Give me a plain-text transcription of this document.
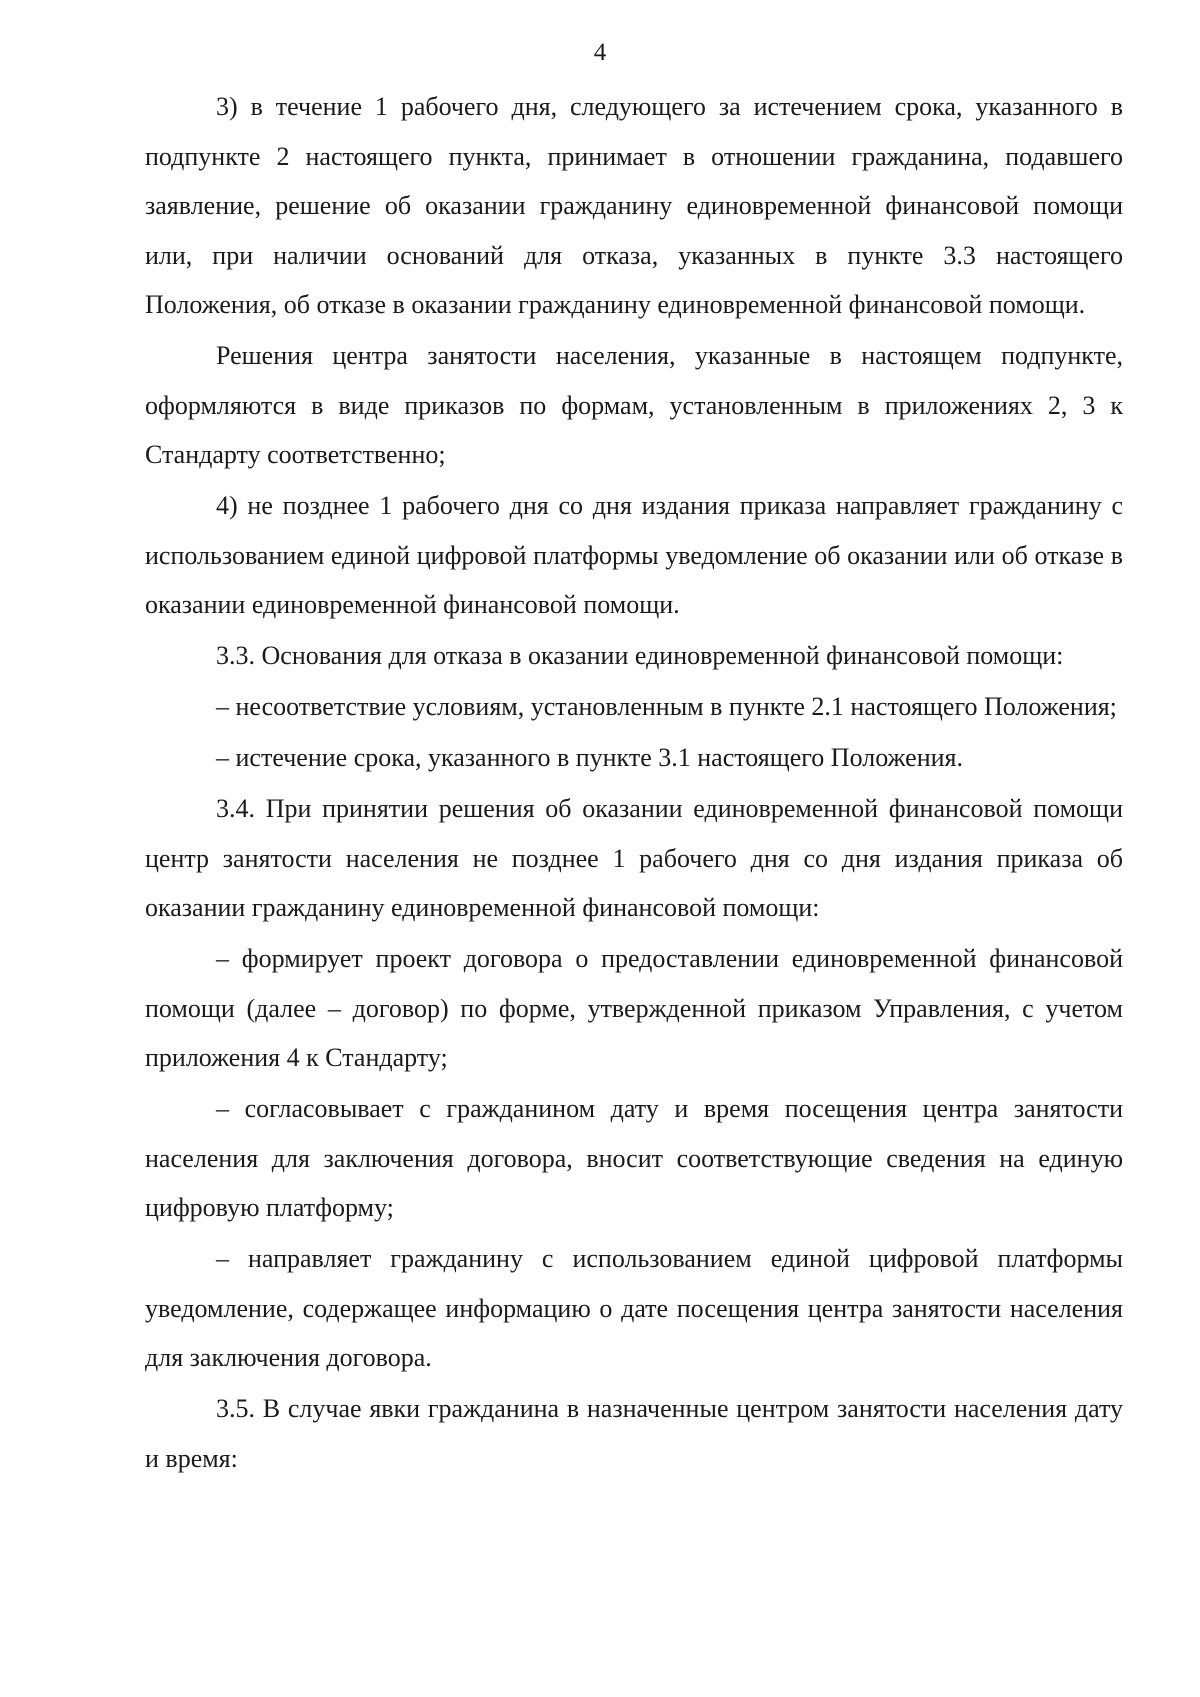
4

3) в течение 1 рабочего дня, следующего за истечением срока, указанного в подпункте 2 настоящего пункта, принимает в отношении гражданина, подавшего заявление, решение об оказании гражданину единовременной финансовой помощи или, при наличии оснований для отказа, указанных в пункте 3.3 настоящего Положения, об отказе в оказании гражданину единовременной финансовой помощи.

Решения центра занятости населения, указанные в настоящем подпункте, оформляются в виде приказов по формам, установленным в приложениях 2, 3 к Стандарту соответственно;

4) не позднее 1 рабочего дня со дня издания приказа направляет гражданину с использованием единой цифровой платформы уведомление об оказании или об отказе в оказании единовременной финансовой помощи.

3.3. Основания для отказа в оказании единовременной финансовой помощи:

– несоответствие условиям, установленным в пункте 2.1 настоящего Положения;

– истечение срока, указанного в пункте 3.1 настоящего Положения.

3.4. При принятии решения об оказании единовременной финансовой помощи центр занятости населения не позднее 1 рабочего дня со дня издания приказа об оказании гражданину единовременной финансовой помощи:

– формирует проект договора о предоставлении единовременной финансовой помощи (далее – договор) по форме, утвержденной приказом Управления, с учетом приложения 4 к Стандарту;

– согласовывает с гражданином дату и время посещения центра занятости населения для заключения договора, вносит соответствующие сведения на единую цифровую платформу;

– направляет гражданину с использованием единой цифровой платформы уведомление, содержащее информацию о дате посещения центра занятости населения для заключения договора.

3.5. В случае явки гражданина в назначенные центром занятости населения дату и время:
